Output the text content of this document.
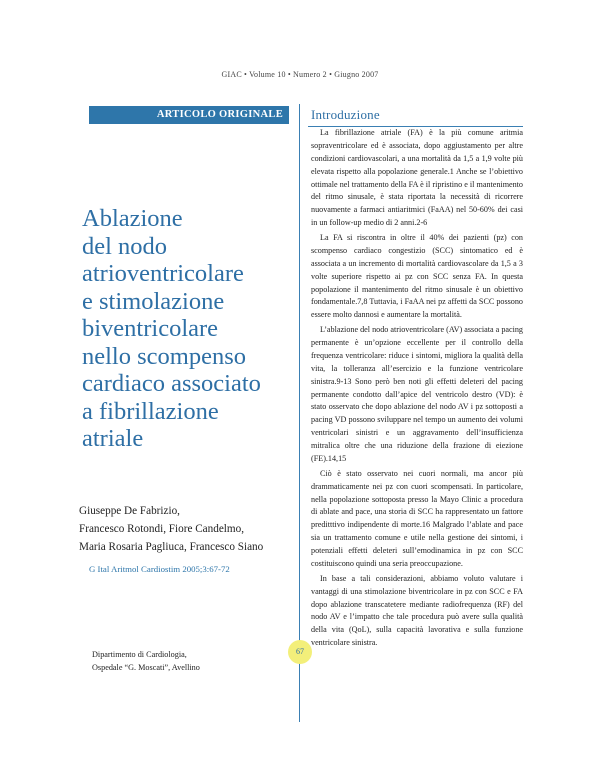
GIAC • Volume 10 • Numero 2 • Giugno 2007
ARTICOLO ORIGINALE	Introduzione
Ablazione
del nodo
atrioventricolare
e stimolazione
biventricolare
nello scompenso
cardiaco associato
a fibrillazione
atriale
Giuseppe De Fabrizio,
Francesco Rotondi, Fiore Candelmo,
Maria Rosaria Pagliuca, Francesco Siano
G Ital Aritmol Cardiostim 2005;3:67-72
Dipartimento di Cardiologia,
Ospedale “G. Moscati”, Avellino

La fibrillazione atriale (FA) è la più comune aritmia sopraventricolare ed è associata, dopo aggiustamento per altre condizioni cardiovascolari, a una mortalità da 1,5 a 1,9 volte più elevata rispetto alla popolazione generale.1 Anche se l’obiettivo ottimale nel trattamento della FA è il ripristino e il mantenimento del ritmo sinusale, è stata riportata la necessità di ricorrere nuovamente a farmaci antiaritmici (FaAA) nel 50-60% dei casi in un follow-up medio di 2 anni.2-6

La FA si riscontra in oltre il 40% dei pazienti (pz) con scompenso cardiaco congestizio (SCC) sintomatico ed è associata a un incremento di mortalità cardiovascolare da 1,5 a 3 volte superiore rispetto ai pz con SCC senza FA. In questa popolazione il mantenimento del ritmo sinusale è un obiettivo fondamentale.7,8 Tuttavia, i FaAA nei pz affetti da SCC possono essere molto dannosi e aumentare la mortalità.

L’ablazione del nodo atrioventricolare (AV) associata a pacing permanente è un’opzione eccellente per il controllo della frequenza ventricolare: riduce i sintomi, migliora la qualità della vita, la tolleranza all’esercizio e la funzione ventricolare sinistra.9-13 Sono però ben noti gli effetti deleteri del pacing permanente condotto dall’apice del ventricolo destro (VD): è stato osservato che dopo ablazione del nodo AV i pz sottoposti a pacing VD possono sviluppare nel tempo un aumento dei volumi ventricolari sinistri e un aggravamento dell’insufficienza mitralica oltre che una riduzione della frazione di eiezione (FE).14,15

Ciò è stato osservato nei cuori normali, ma ancor più drammaticamente nei pz con cuori scompensati. In particolare, nella popolazione sottoposta presso la Mayo Clinic a procedura di ablate and pace, una storia di SCC ha rappresentato un fattore preditttivo indipendente di morte.16 Malgrado l’ablate and pace sia un trattamento comune e utile nella gestione dei sintomi, i potenziali effetti deleteri sull’emodinamica in pz con SCC costituiscono quindi una seria preoccupazione.

In base a tali considerazioni, abbiamo voluto valutare i vantaggi di una stimolazione biventricolare in pz con SCC e FA dopo ablazione transcatetere mediante radiofrequenza (RF) del nodo AV e l’impatto che tale procedura può avere sulla qualità della vita (QoL), sulla capacità lavorativa e sulla funzione ventricolare sinistra.

67
